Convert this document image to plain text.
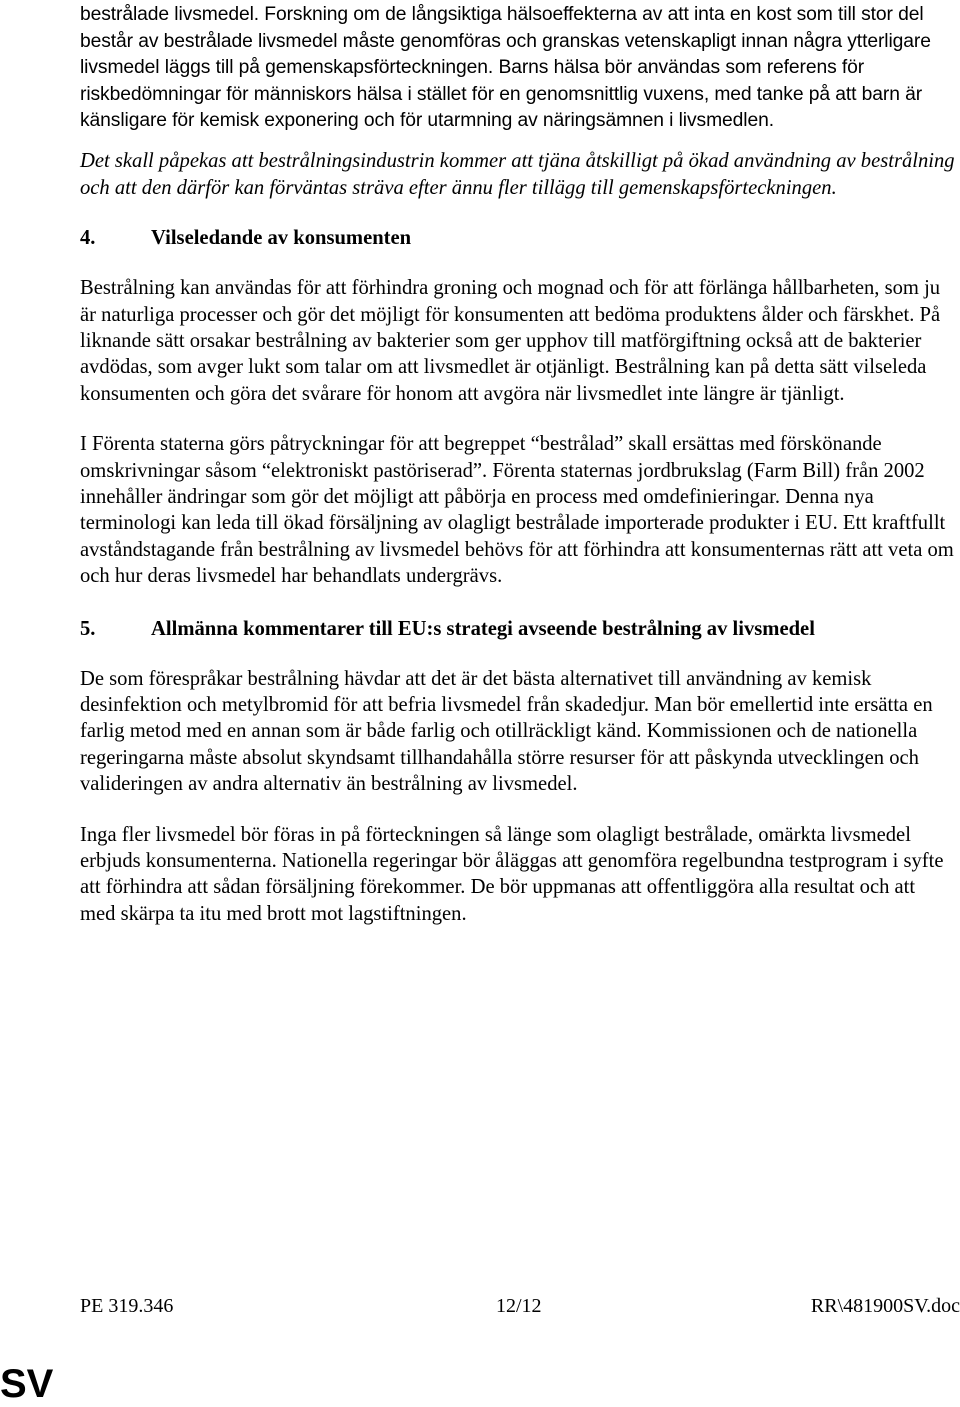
bestrålade livsmedel. Forskning om de långsiktiga hälsoeffekterna av att inta en kost som till stor del består av bestrålade livsmedel måste genomföras och granskas vetenskapligt innan några ytterligare livsmedel läggs till på gemenskapsförteckningen. Barns hälsa bör användas som referens för riskbedömningar för människors hälsa i stället för en genomsnittlig vuxens, med tanke på att barn är känsligare för kemisk exponering och för utarmning av näringsämnen i livsmedlen.

Det skall påpekas att bestrålningsindustrin kommer att tjäna åtskilligt på ökad användning av bestrålning och att den därför kan förväntas sträva efter ännu fler tillägg till gemenskapsförteckningen.

4.	Vilseledande av konsumenten

Bestrålning kan användas för att förhindra groning och mognad och för att förlänga hållbarheten, som ju är naturliga processer och gör det möjligt för konsumenten att bedöma produktens ålder och färskhet. På liknande sätt orsakar bestrålning av bakterier som ger upphov till matförgiftning också att de bakterier avdödas, som avger lukt som talar om att livsmedlet är otjänligt. Bestrålning kan på detta sätt vilseleda konsumenten och göra det svårare för honom att avgöra när livsmedlet inte längre är tjänligt.

I Förenta staterna görs påtryckningar för att begreppet “bestrålad” skall ersättas med förskönande omskrivningar såsom “elektroniskt pastöriserad”. Förenta staternas jordbrukslag (Farm Bill) från 2002 innehåller ändringar som gör det möjligt att påbörja en process med omdefinieringar. Denna nya terminologi kan leda till ökad försäljning av olagligt bestrålade importerade produkter i EU. Ett kraftfullt avståndstagande från bestrålning av livsmedel behövs för att förhindra att konsumenternas rätt att veta om och hur deras livsmedel har behandlats undergrävs.

5.	Allmänna kommentarer till EU:s strategi avseende bestrålning av livsmedel

De som förespråkar bestrålning hävdar att det är det bästa alternativet till användning av kemisk desinfektion och metylbromid för att befria livsmedel från skadedjur. Man bör emellertid inte ersätta en farlig metod med en annan som är både farlig och otillräckligt känd. Kommissionen och de nationella regeringarna måste absolut skyndsamt tillhandahålla större resurser för att påskynda utvecklingen och valideringen av andra alternativ än bestrålning av livsmedel.

Inga fler livsmedel bör föras in på förteckningen så länge som olagligt bestrålade, omärkta livsmedel erbjuds konsumenterna. Nationella regeringar bör åläggas att genomföra regelbundna testprogram i syfte att förhindra att sådan försäljning förekommer. De bör uppmanas att offentliggöra alla resultat och att med skärpa ta itu med brott mot lagstiftningen.

PE 319.346	12/12	RR\481900SV.doc
SV
